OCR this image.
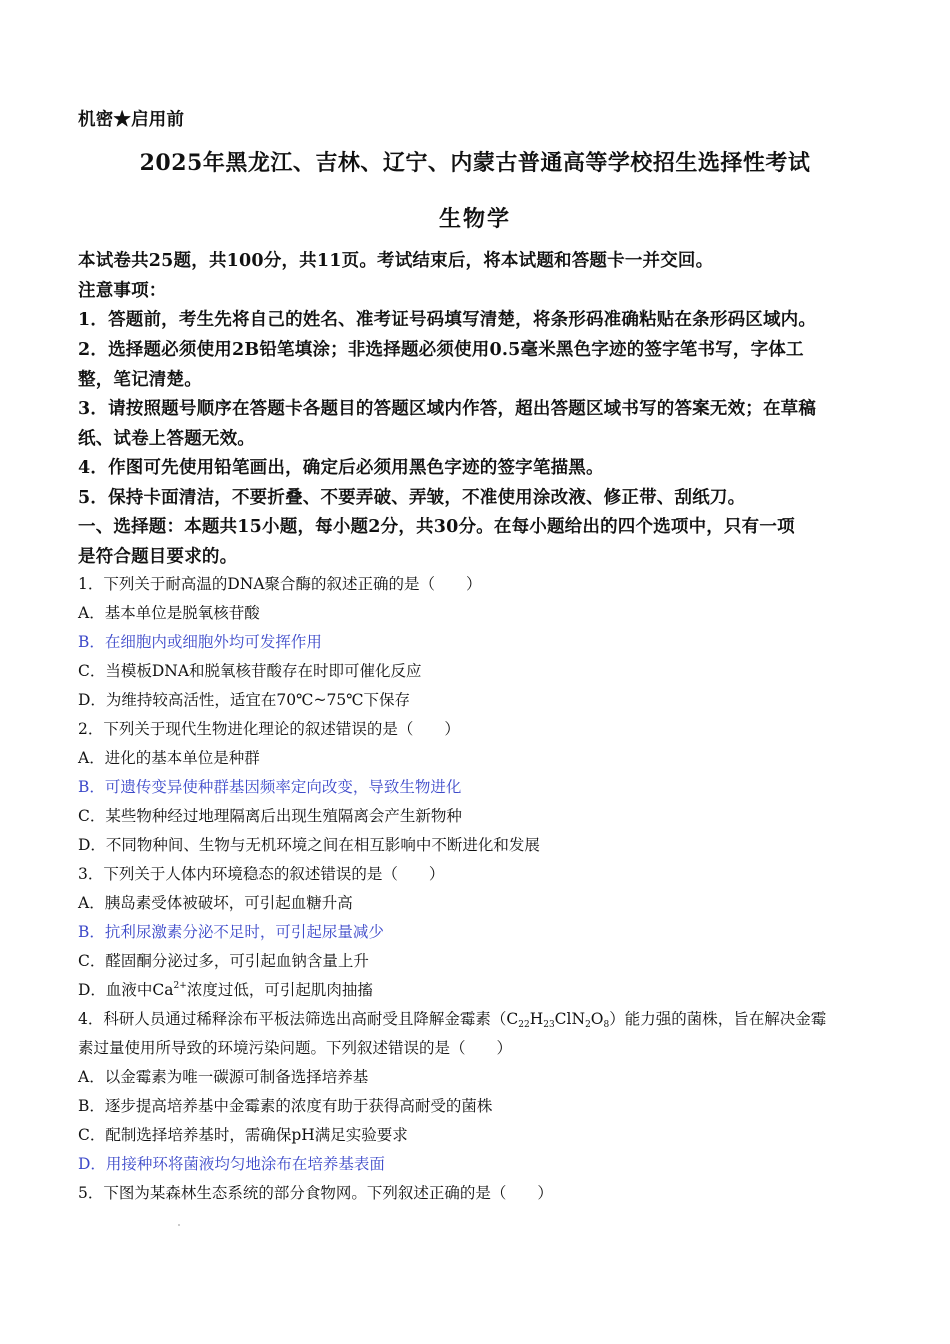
机密★启用前
2025年黑龙江、吉林、辽宁、内蒙古普通高等学校招生选择性考试
生物学
本试卷共25题，共100分，共11页。考试结束后，将本试题和答题卡一并交回。
注意事项：
1．答题前，考生先将自己的姓名、准考证号码填写清楚，将条形码准确粘贴在条形码区域内。
2．选择题必须使用2B铅笔填涂；非选择题必须使用0.5毫米黑色字迹的签字笔书写，字体工
整，笔记清楚。
3．请按照题号顺序在答题卡各题目的答题区域内作答，超出答题区域书写的答案无效；在草稿
纸、试卷上答题无效。
4．作图可先使用铅笔画出，确定后必须用黑色字迹的签字笔描黑。
5．保持卡面清洁，不要折叠、不要弄破、弄皱，不准使用涂改液、修正带、刮纸刀。
一、选择题：本题共15小题，每小题2分，共30分。在每小题给出的四个选项中，只有一项
是符合题目要求的。
1．下列关于耐高温的DNA聚合酶的叙述正确的是（　　）
A．基本单位是脱氧核苷酸
B．在细胞内或细胞外均可发挥作用
C．当模板DNA和脱氧核苷酸存在时即可催化反应
D．为维持较高活性，适宜在70℃~75℃下保存
2．下列关于现代生物进化理论的叙述错误的是（　　）
A．进化的基本单位是种群
B．可遗传变异使种群基因频率定向改变，导致生物进化
C．某些物种经过地理隔离后出现生殖隔离会产生新物种
D．不同物种间、生物与无机环境之间在相互影响中不断进化和发展
3．下列关于人体内环境稳态的叙述错误的是（　　）
A．胰岛素受体被破坏，可引起血糖升高
B．抗利尿激素分泌不足时，可引起尿量减少
C．醛固酮分泌过多，可引起血钠含量上升
D．血液中$Ca^{2+}$浓度过低，可引起肌肉抽搐
4．科研人员通过稀释涂布平板法筛选出高耐受且降解金霉素$(C_{22}H_{23}ClN_2O_8)$能力强的菌株，旨在解决金霉
素过量使用所导致的环境污染问题。下列叙述错误的是（　　）
A．以金霉素为唯一碳源可制备选择培养基
B．逐步提高培养基中金霉素的浓度有助于获得高耐受的菌株
C．配制选择培养基时，需确保pH满足实验要求
D．用接种环将菌液均匀地涂布在培养基表面
5．下图为某森林生态系统的部分食物网。下列叙述正确的是（　　）
